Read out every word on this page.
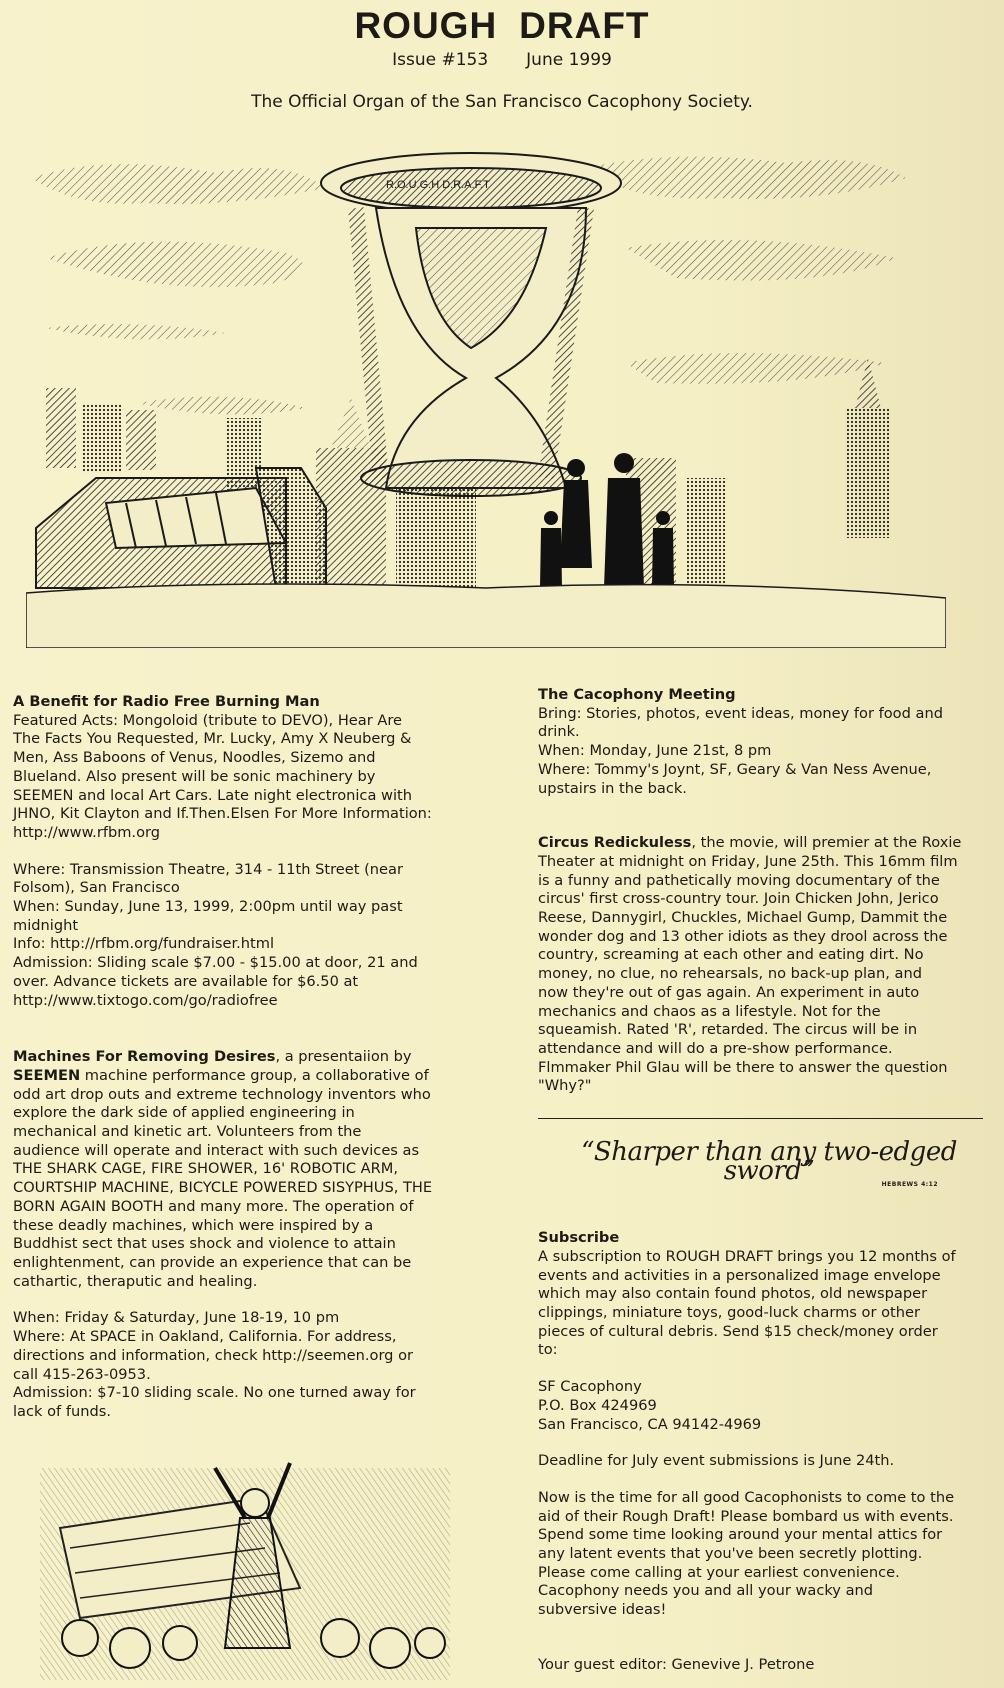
ROUGH DRAFT
Issue #153 June 1999
The Official Organ of the San Francisco Cacophony Society.
R.O.U.G.H D.R.A.F.T

A Benefit for Radio Free Burning Man

Featured Acts: Mongoloid (tribute to DEVO), Hear Are

The Facts You Requested, Mr. Lucky, Amy X Neuberg &

Men, Ass Baboons of Venus, Noodles, Sizemo and

Blueland. Also present will be sonic machinery by

SEEMEN and local Art Cars. Late night electronica with

JHNO, Kit Clayton and If.Then.Elsen For More Information:

http://www.rfbm.org

Where: Transmission Theatre, 314 - 11th Street (near

Folsom), San Francisco

When: Sunday, June 13, 1999, 2:00pm until way past

midnight

Info: http://rfbm.org/fundraiser.html

Admission: Sliding scale $7.00 - $15.00 at door, 21 and

over. Advance tickets are available for $6.50 at

http://www.tixtogo.com/go/radiofree

Machines For Removing Desires, a presentaiion by

SEEMEN machine performance group, a collaborative of

odd art drop outs and extreme technology inventors who

explore the dark side of applied engineering in

mechanical and kinetic art. Volunteers from the

audience will operate and interact with such devices as

THE SHARK CAGE, FIRE SHOWER, 16' ROBOTIC ARM,

COURTSHIP MACHINE, BICYCLE POWERED SISYPHUS, THE

BORN AGAIN BOOTH and many more. The operation of

these deadly machines, which were inspired by a

Buddhist sect that uses shock and violence to attain

enlightenment, can provide an experience that can be

cathartic, theraputic and healing.

When: Friday & Saturday, June 18-19, 10 pm

Where: At SPACE in Oakland, California. For address,

directions and information, check http://seemen.org or

call 415-263-0953.

Admission: $7-10 sliding scale. No one turned away for

lack of funds.

The Cacophony Meeting

Bring: Stories, photos, event ideas, money for food and

drink.

When: Monday, June 21st, 8 pm

Where: Tommy's Joynt, SF, Geary & Van Ness Avenue,

upstairs in the back.

Circus Redickuless, the movie, will premier at the Roxie

Theater at midnight on Friday, June 25th. This 16mm film

is a funny and pathetically moving documentary of the

circus' first cross-country tour. Join Chicken John, Jerico

Reese, Dannygirl, Chuckles, Michael Gump, Dammit the

wonder dog and 13 other idiots as they drool across the

country, screaming at each other and eating dirt. No

money, no clue, no rehearsals, no back-up plan, and

now they're out of gas again. An experiment in auto

mechanics and chaos as a lifestyle. Not for the

squeamish. Rated 'R', retarded. The circus will be in

attendance and will do a pre-show performance.

Flmmaker Phil Glau will be there to answer the question

"Why?"

“Sharper than any two-edged sword”	HEBREWS 4:12

Subscribe

A subscription to ROUGH DRAFT brings you 12 months of

events and activities in a personalized image envelope

which may also contain found photos, old newspaper

clippings, miniature toys, good-luck charms or other

pieces of cultural debris. Send $15 check/money order

to:

SF Cacophony

P.O. Box 424969

San Francisco, CA 94142-4969

Deadline for July event submissions is June 24th.

Now is the time for all good Cacophonists to come to the

aid of their Rough Draft! Please bombard us with events.

Spend some time looking around your mental attics for

any latent events that you've been secretly plotting.

Please come calling at your earliest convenience.

Cacophony needs you and all your wacky and

subversive ideas!

Your guest editor: Genevive J. Petrone
